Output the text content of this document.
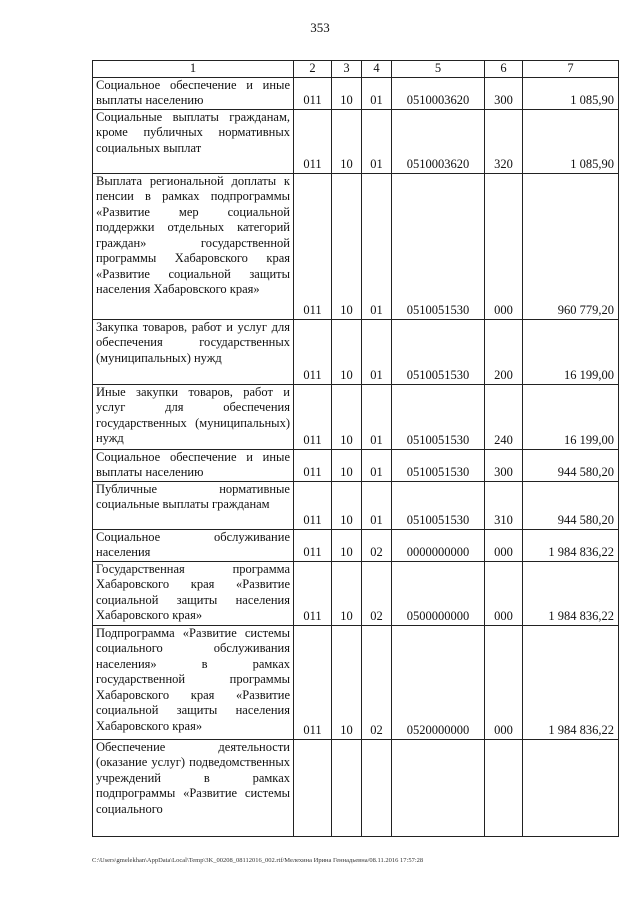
353
1	2	3	4	5	6	7
Социальное обеспечение и иные выплаты населению	011	10	01	0510003620	300	1 085,90
Социальные выплаты гражданам, кроме публичных нормативных социальных выплат	011	10	01	0510003620	320	1 085,90
Выплата региональной доплаты к пенсии в рамках подпрограммы «Развитие мер социальной поддержки отдельных категорий граждан» государственной программы Хабаровского края «Развитие социальной защиты населения Хабаровского края»	011	10	01	0510051530	000	960 779,20
Закупка товаров, работ и услуг для обеспечения государственных (муниципальных) нужд	011	10	01	0510051530	200	16 199,00
Иные закупки товаров, работ и услуг для обеспечения государственных (муниципальных) нужд	011	10	01	0510051530	240	16 199,00
Социальное обеспечение и иные выплаты населению	011	10	01	0510051530	300	944 580,20
Публичные нормативные социальные выплаты гражданам	011	10	01	0510051530	310	944 580,20
Социальное обслуживание населения	011	10	02	0000000000	000	1 984 836,22
Государственная программа Хабаровского края «Развитие социальной защиты населения Хабаровского края»	011	10	02	0500000000	000	1 984 836,22
Подпрограмма «Развитие системы социального обслуживания населения» в рамках государственной программы Хабаровского края «Развитие социальной защиты населения Хабаровского края»	011	10	02	0520000000	000	1 984 836,22
Обеспечение деятельности (оказание услуг) подведомственных учреждений в рамках подпрограммы «Развитие системы социального						
C:\Users\gmelekhan\AppData\Local\Temp\3K_00208_08112016_002.rtf/Мелехина Ирина Геннадьевна/08.11.2016 17:57:28
